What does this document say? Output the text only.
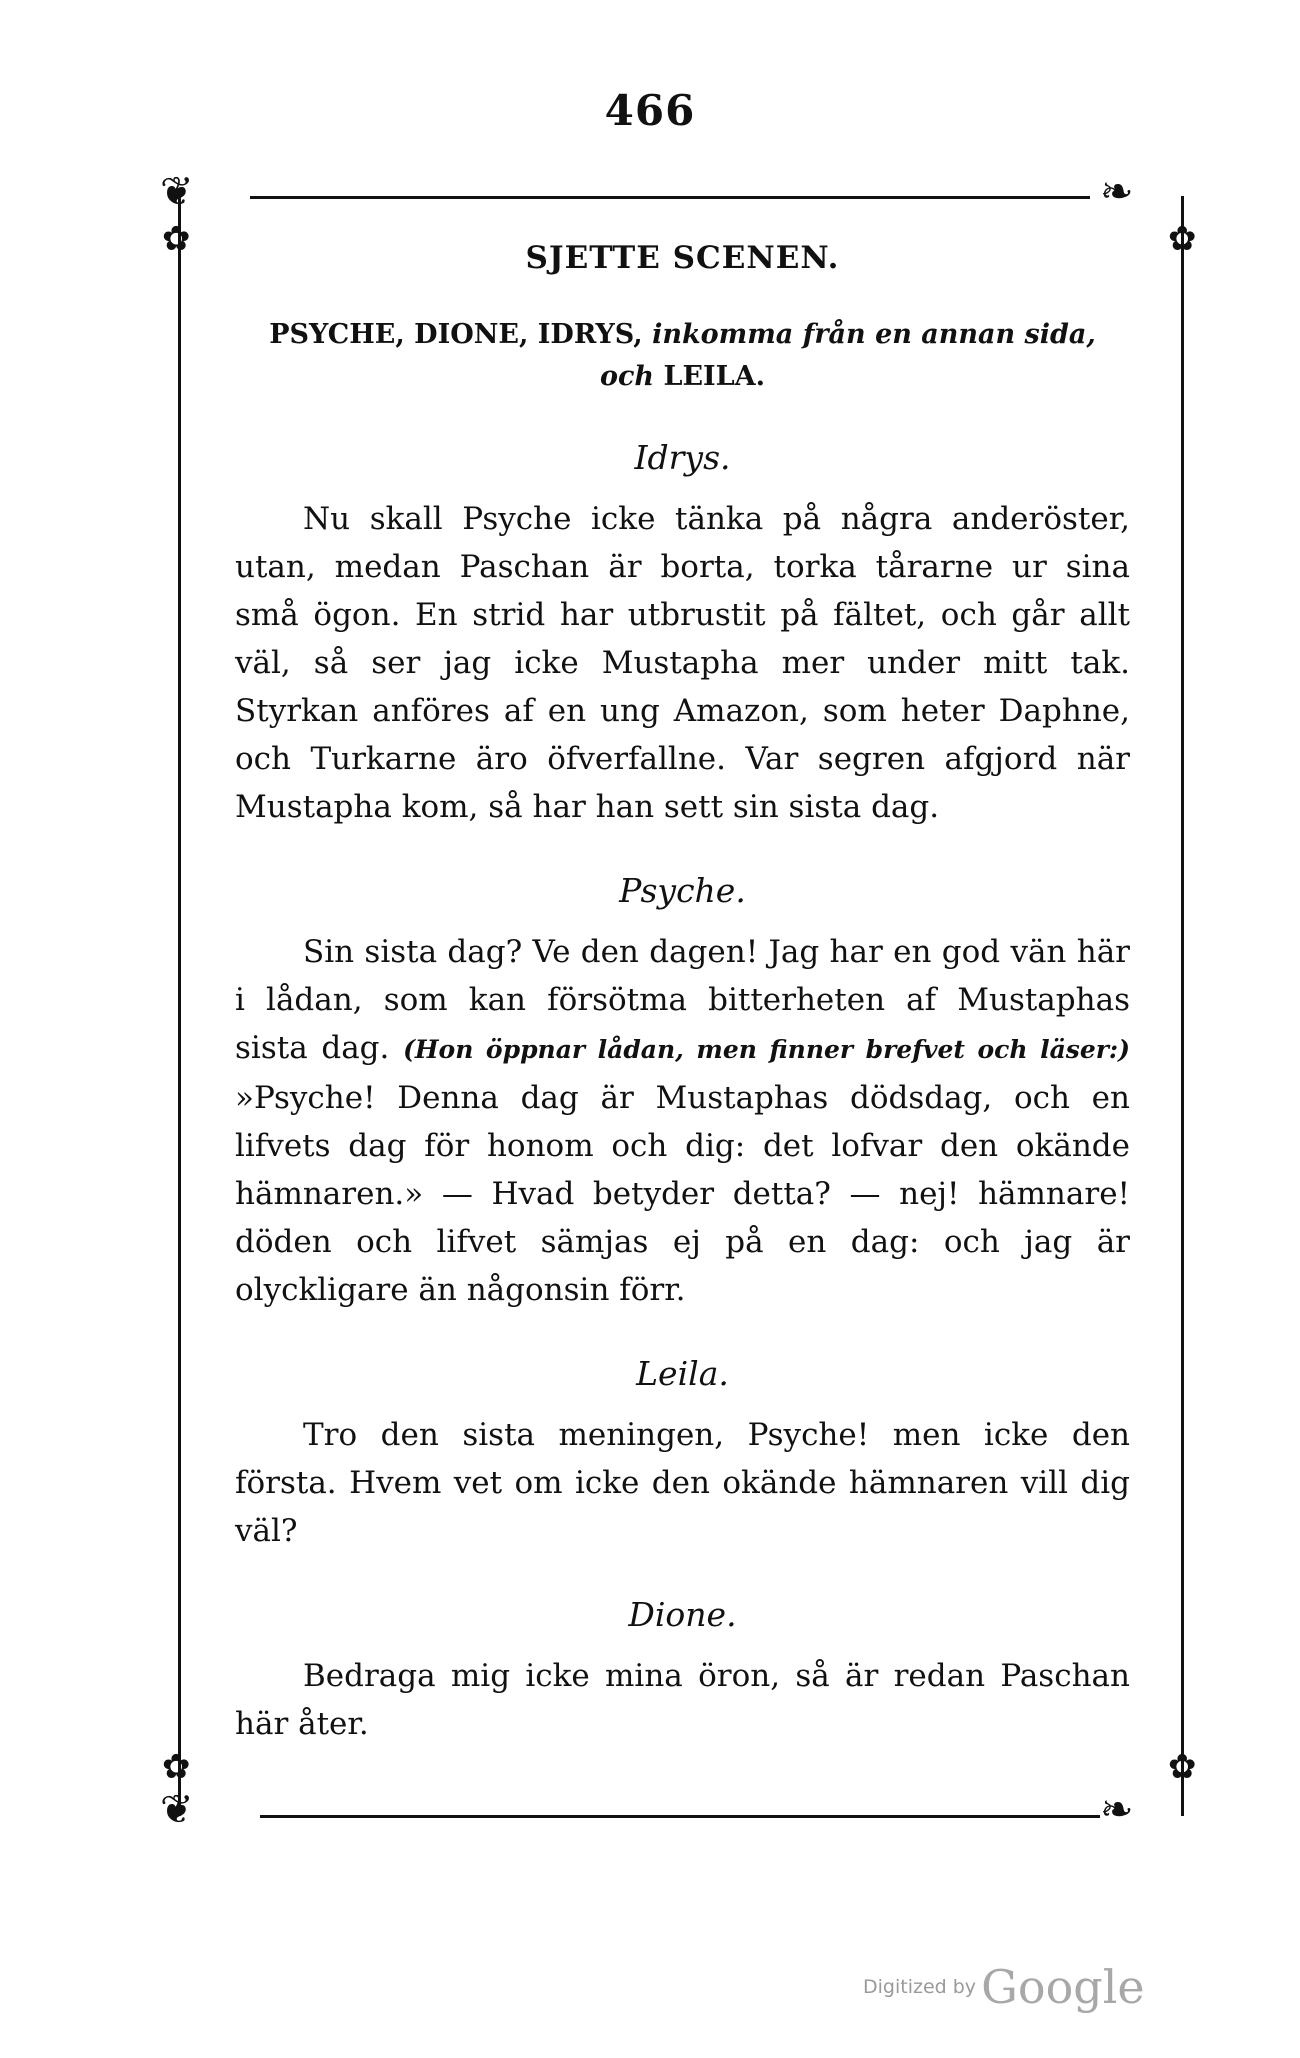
466
❦	❧
❦	❧
✿	✿
✿	✿
SJETTE SCENEN.
PSYCHE, DIONE, IDRYS, inkomma från en annan sida,
och LEILA.
Idrys.

Nu skall Psyche icke tänka på några anderöster, utan, medan Paschan är borta, torka tårarne ur sina små ögon. En strid har utbrustit på fältet, och går allt väl, så ser jag icke Mustapha mer under mitt tak. Styrkan anföres af en ung Amazon, som heter Daphne, och Turkarne äro öfverfallne. Var segren afgjord när Mustapha kom, så har han sett sin sista dag.

Psyche.

Sin sista dag? Ve den dagen! Jag har en god vän här i lådan, som kan försötma bitterheten af Mustaphas sista dag. (Hon öppnar lådan, men finner brefvet och läser:) »Psyche! Denna dag är Mustaphas dödsdag, och en lifvets dag för honom och dig: det lofvar den okände hämnaren.» — Hvad betyder detta? — nej! hämnare! döden och lifvet sämjas ej på en dag: och jag är olyckligare än någonsin förr.

Leila.

Tro den sista meningen, Psyche! men icke den första. Hvem vet om icke den okände hämnaren vill dig väl?

Dione.

Bedraga mig icke mina öron, så är redan Paschan här åter.

Digitized by Google
